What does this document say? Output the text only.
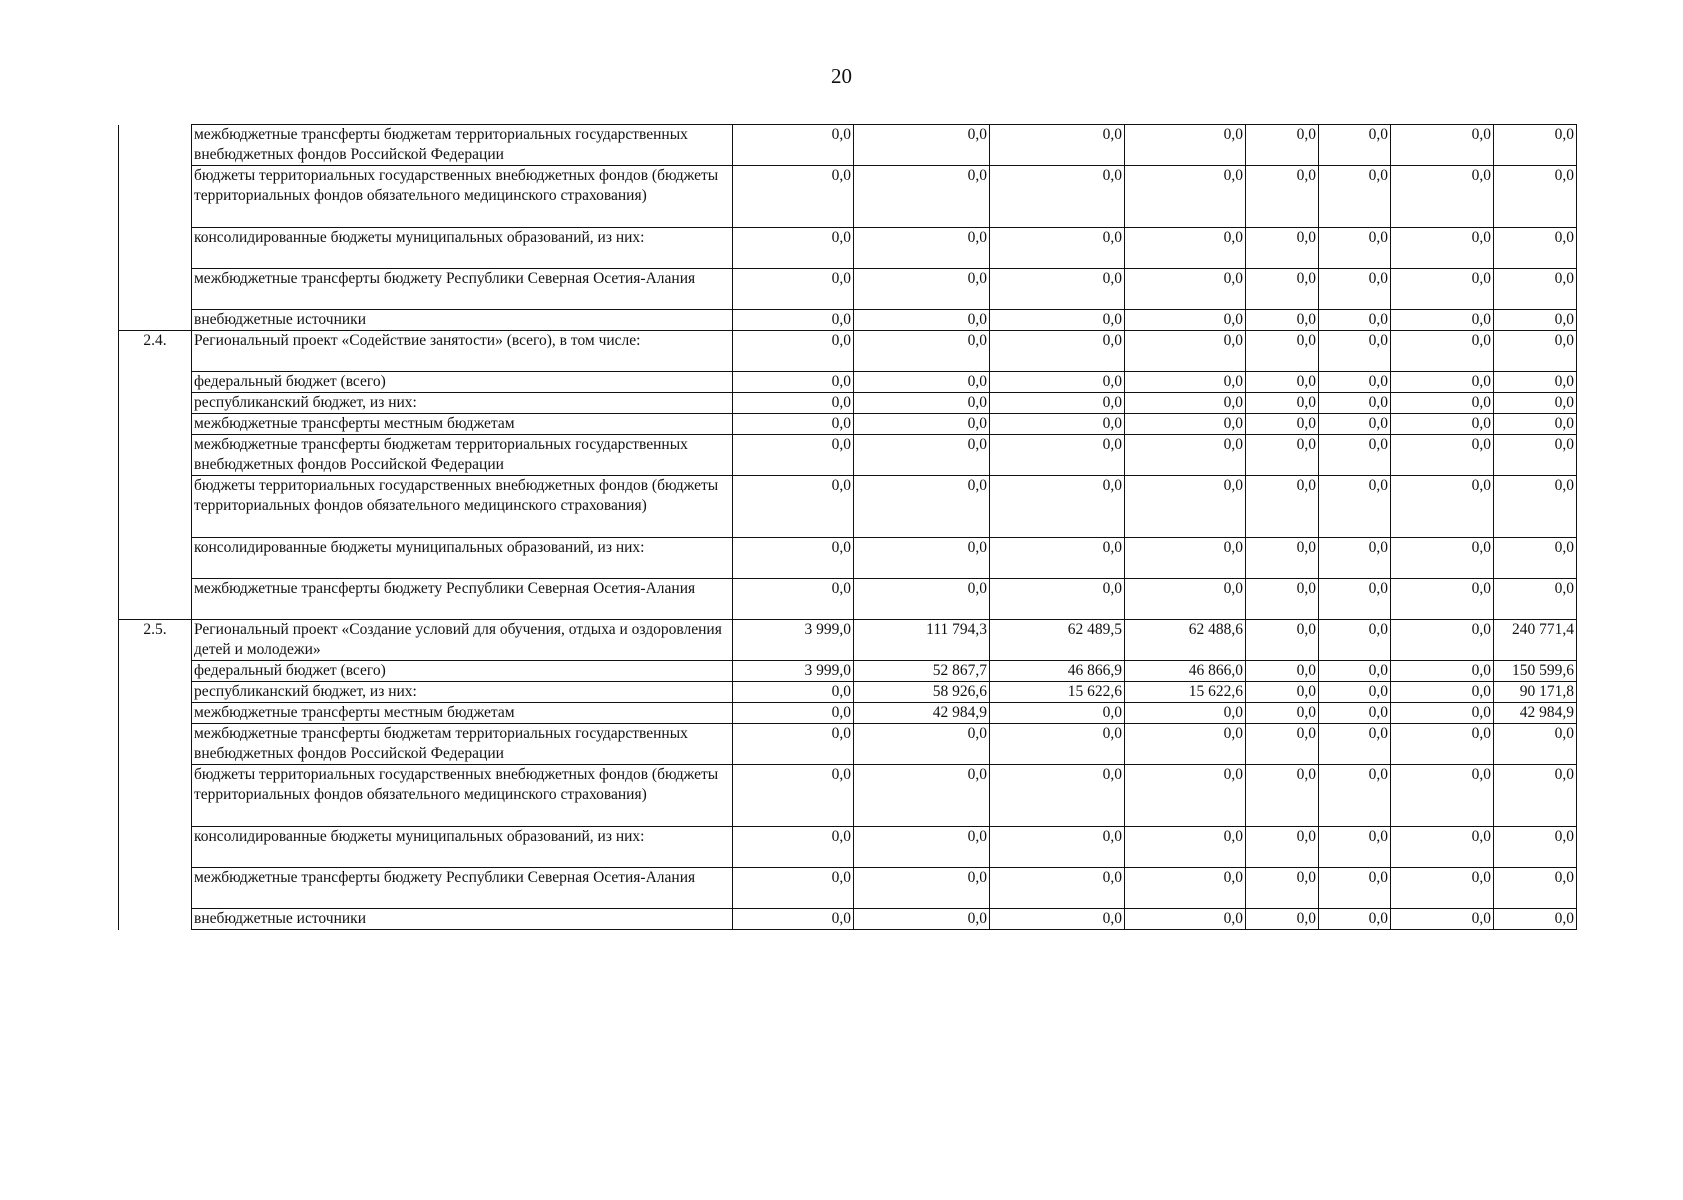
20
	межбюджетные трансферты бюджетам территориальных государственных внебюджетных фондов Российской Федерации	0,0	0,0	0,0	0,0	0,0	0,0	0,0	0,0
	бюджеты территориальных государственных внебюджетных фондов (бюджеты территориальных фондов обязательного медицинского страхования)	0,0	0,0	0,0	0,0	0,0	0,0	0,0	0,0
	консолидированные бюджеты муниципальных образований, из них:	0,0	0,0	0,0	0,0	0,0	0,0	0,0	0,0
	межбюджетные трансферты бюджету Республики Северная Осетия-Алания	0,0	0,0	0,0	0,0	0,0	0,0	0,0	0,0
	внебюджетные источники	0,0	0,0	0,0	0,0	0,0	0,0	0,0	0,0
2.4.	Региональный проект «Содействие занятости» (всего), в том числе:	0,0	0,0	0,0	0,0	0,0	0,0	0,0	0,0
	федеральный бюджет (всего)	0,0	0,0	0,0	0,0	0,0	0,0	0,0	0,0
	республиканский бюджет, из них:	0,0	0,0	0,0	0,0	0,0	0,0	0,0	0,0
	межбюджетные трансферты местным бюджетам	0,0	0,0	0,0	0,0	0,0	0,0	0,0	0,0
	межбюджетные трансферты бюджетам территориальных государственных внебюджетных фондов Российской Федерации	0,0	0,0	0,0	0,0	0,0	0,0	0,0	0,0
	бюджеты территориальных государственных внебюджетных фондов (бюджеты территориальных фондов обязательного медицинского страхования)	0,0	0,0	0,0	0,0	0,0	0,0	0,0	0,0
	консолидированные бюджеты муниципальных образований, из них:	0,0	0,0	0,0	0,0	0,0	0,0	0,0	0,0
	межбюджетные трансферты бюджету Республики Северная Осетия-Алания	0,0	0,0	0,0	0,0	0,0	0,0	0,0	0,0
2.5.	Региональный проект «Создание условий для обучения, отдыха и оздоровления детей и молодежи»	3 999,0	111 794,3	62 489,5	62 488,6	0,0	0,0	0,0	240 771,4
	федеральный бюджет (всего)	3 999,0	52 867,7	46 866,9	46 866,0	0,0	0,0	0,0	150 599,6
	республиканский бюджет, из них:	0,0	58 926,6	15 622,6	15 622,6	0,0	0,0	0,0	90 171,8
	межбюджетные трансферты местным бюджетам	0,0	42 984,9	0,0	0,0	0,0	0,0	0,0	42 984,9
	межбюджетные трансферты бюджетам территориальных государственных внебюджетных фондов Российской Федерации	0,0	0,0	0,0	0,0	0,0	0,0	0,0	0,0
	бюджеты территориальных государственных внебюджетных фондов (бюджеты территориальных фондов обязательного медицинского страхования)	0,0	0,0	0,0	0,0	0,0	0,0	0,0	0,0
	консолидированные бюджеты муниципальных образований, из них:	0,0	0,0	0,0	0,0	0,0	0,0	0,0	0,0
	межбюджетные трансферты бюджету Республики Северная Осетия-Алания	0,0	0,0	0,0	0,0	0,0	0,0	0,0	0,0
	внебюджетные источники	0,0	0,0	0,0	0,0	0,0	0,0	0,0	0,0
